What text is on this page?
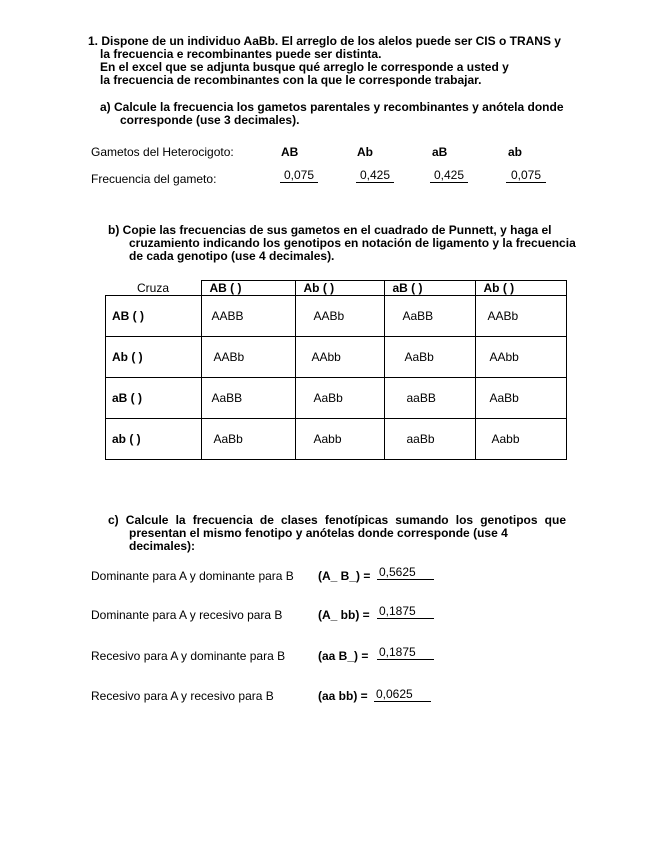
1. Dispone de un individuo AaBb. El arreglo de los alelos puede ser CIS o TRANS y
la frecuencia e recombinantes puede ser distinta.
En el excel que se adjunta busque qué arreglo le corresponde a usted y
la frecuencia de recombinantes con la que le corresponde trabajar.
a) Calcule la frecuencia los gametos parentales y recombinantes y anótela donde
corresponde (use 3 decimales).
Gametos del Heterocigoto:	AB	Ab	aB	ab
Frecuencia del gameto:	0,075	0,425	0,425	0,075
b) Copie las frecuencias de sus gametos en el cuadrado de Punnett, y haga el
cruzamiento indicando los genotipos en notación de ligamento y la frecuencia
de cada genotipo (use 4 decimales).
Cruza	AB ( )	Ab ( )	aB ( )	Ab ( )
AB ( )	AABB	AABb	AaBB	AABb
Ab ( )	AABb	AAbb	AaBb	AAbb
aB ( )	AaBB	AaBb	aaBB	AaBb
ab ( )	AaBb	Aabb	aaBb	Aabb
c) Calcule la frecuencia de clases fenotípicas sumando los genotipos que
presentan el mismo fenotipo y anótelas donde corresponde (use 4 decimales):
Dominante para A y dominante para B (A_ B_) = 0,5625
Dominante para A y recesivo para B	(A_ bb) = 0,1875
Recesivo para A y dominante para B	(aa B_) = 0,1875
Recesivo para A y recesivo para B	(aa bb) = 0,0625
